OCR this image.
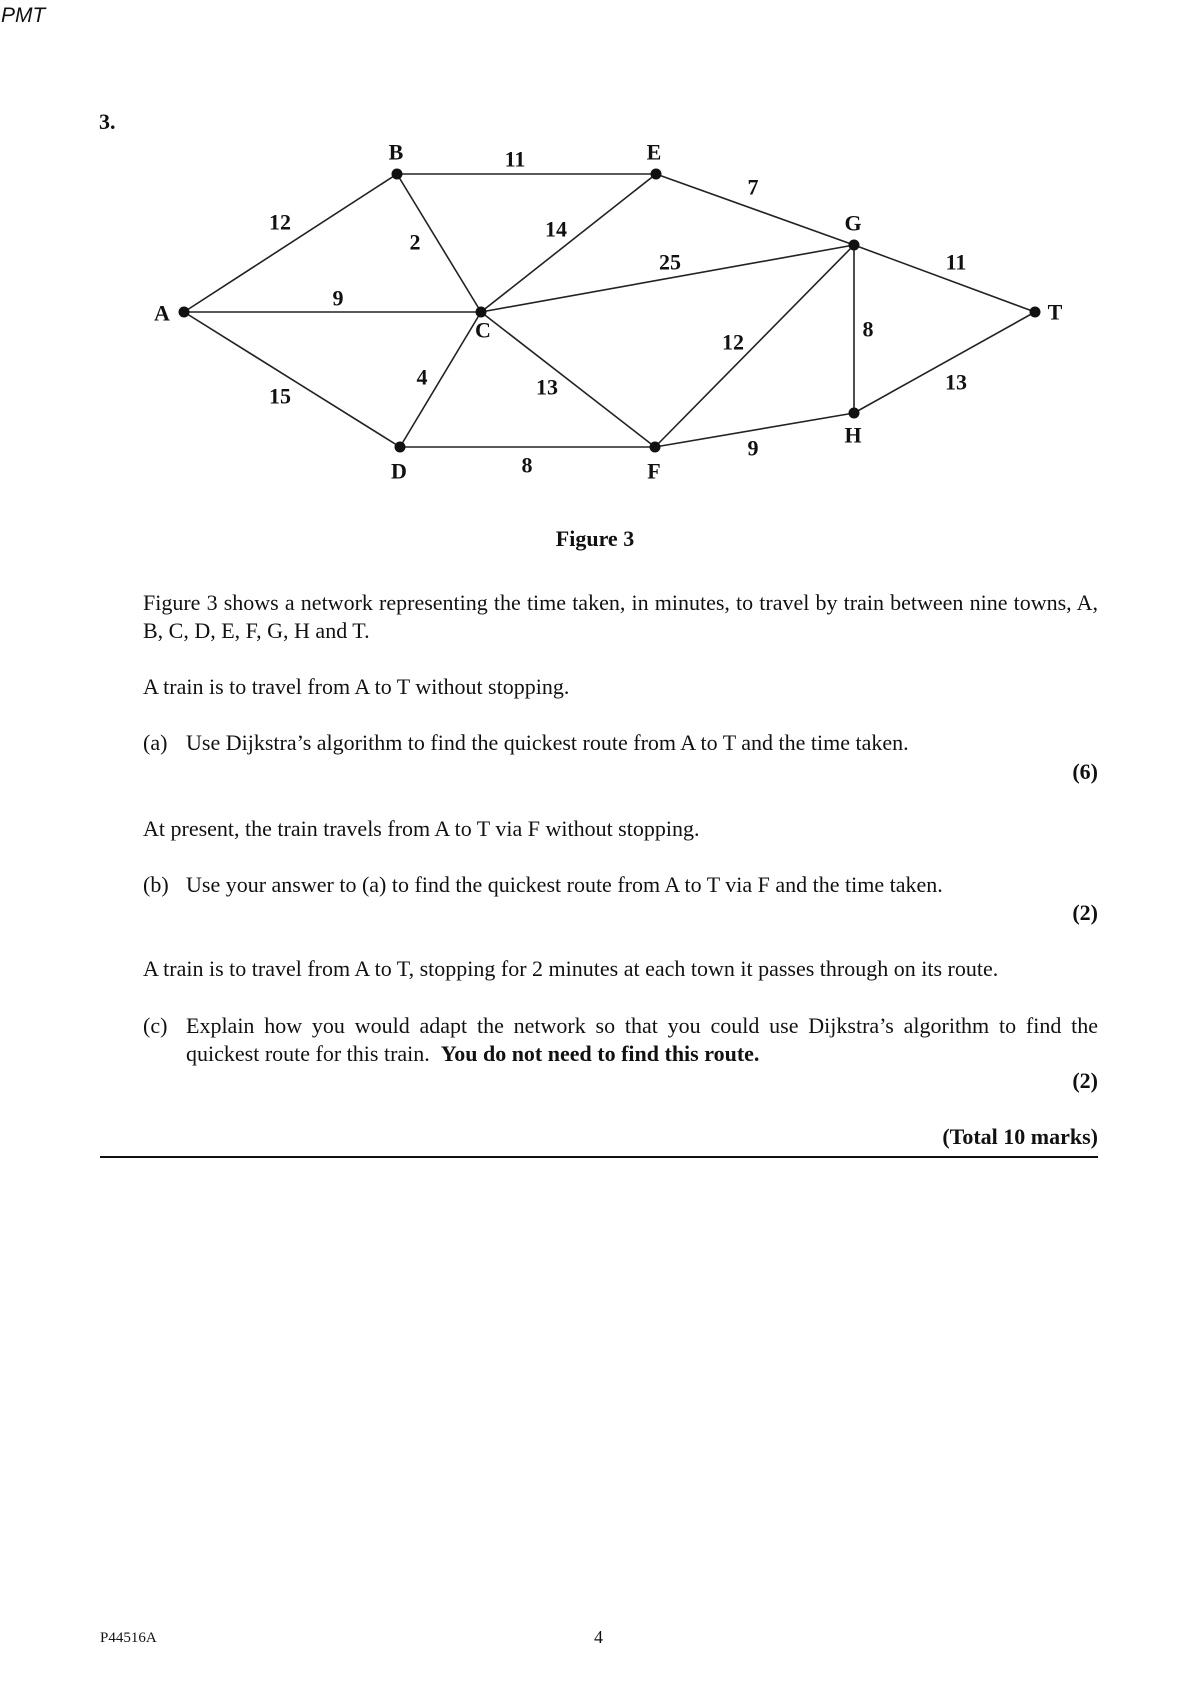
PMT
3.
12
9
15
2
11
14
25
4	13
8
7
12
8
11
9
13
A
B
C
D
E
F
G
H
T
Figure 3
Figure 3 shows a network representing the time taken, in minutes, to travel by train between nine towns, A, B, C, D, E, F, G, H and T.
A train is to travel from A to T without stopping.
(a) Use Dijkstra’s algorithm to find the quickest route from A to T and the time taken.
(6)
At present, the train travels from A to T via F without stopping.
(b) Use your answer to (a) to find the quickest route from A to T via F and the time taken.
(2)
A train is to travel from A to T, stopping for 2 minutes at each town it passes through on its route.
(c) Explain how you would adapt the network so that you could use Dijkstra’s algorithm to find the quickest route for this train. You do not need to find this route.
(2)
(Total 10 marks)
P44516A	4
